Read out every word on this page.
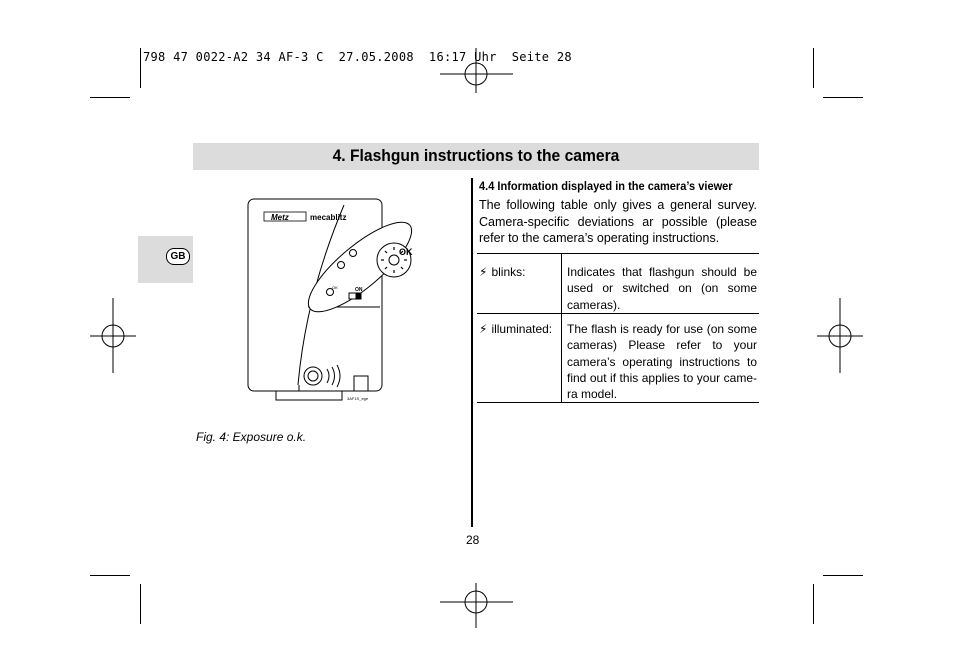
798 47 0022-A2 34 AF-3 C  27.05.2008  16:17 Uhr  Seite 28
4. Flashgun instructions to the camera
GB
Metz	mecablitz
OK
ON
OK
3AF1S_ege
Fig. 4: Exposure o.k.
4.4 Information displayed in the camera’s viewer
The following table only gives a general survey. Camera-specific deviations ar possible (please refer to the camera’s operating instructions.
⚡ blinks:	Indicates that flashgun should be used or switched on (on some cameras).
⚡ illuminated: The flash is ready for use (on some cameras) Please refer to your camera’s operating instructions to find out if this applies to your came-ra model.
28
